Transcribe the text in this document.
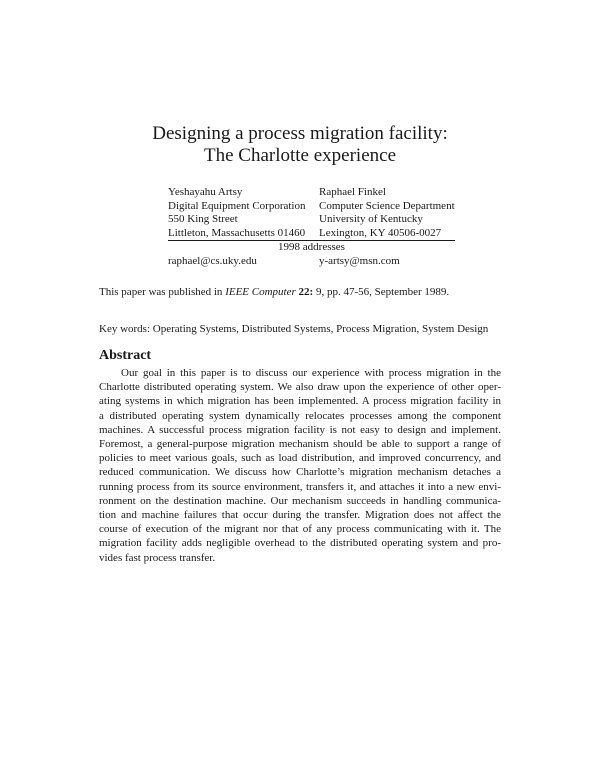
Designing a process migration facility:
The Charlotte experience
Yeshayahu Artsy
Digital Equipment Corporation
550 King Street
Littleton, Massachusetts 01460
Raphael Finkel
Computer Science Department
University of Kentucky
Lexington, KY 40506-0027
1998 addresses
raphael@cs.uky.edu	y-artsy@msn.com
This paper was published in IEEE Computer 22: 9, pp. 47-56, September 1989.
Key words: Operating Systems, Distributed Systems, Process Migration, System Design
Abstract
Our goal in this paper is to discuss our experience with process migration in the
Charlotte distributed operating system. We also draw upon the experience of other oper-
ating systems in which migration has been implemented. A process migration facility in
a distributed operating system dynamically relocates processes among the component
machines. A successful process migration facility is not easy to design and implement.
Foremost, a general-purpose migration mechanism should be able to support a range of
policies to meet various goals, such as load distribution, and improved concurrency, and
reduced communication. We discuss how Charlotte’s migration mechanism detaches a
running process from its source environment, transfers it, and attaches it into a new envi-
ronment on the destination machine. Our mechanism succeeds in handling communica-
tion and machine failures that occur during the transfer. Migration does not affect the
course of execution of the migrant nor that of any process communicating with it. The
migration facility adds negligible overhead to the distributed operating system and pro-
vides fast process transfer.
